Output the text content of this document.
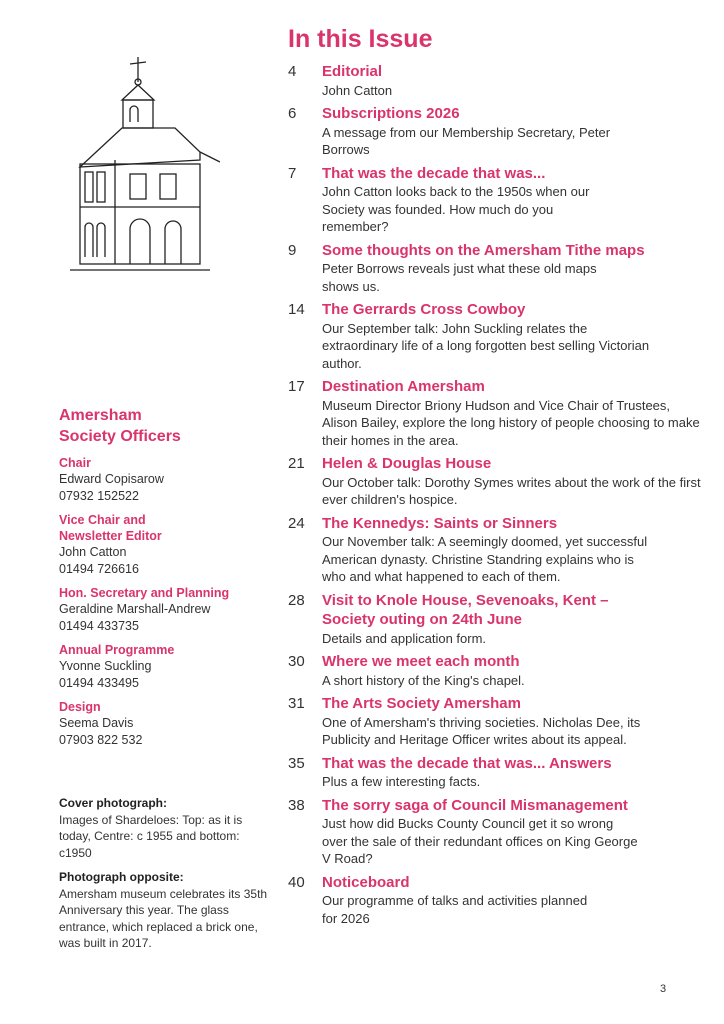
Amersham
Society Officers
Chair
Edward Copisarow
07932 152522
Vice Chair and Newsletter Editor
John Catton
01494 726616
Hon. Secretary and Planning
Geraldine Marshall-Andrew
01494 433735
Annual Programme
Yvonne Suckling
01494 433495
Design
Seema Davis
07903 822 532
Cover photograph:
Images of Shardeloes: Top: as it is today, Centre: c 1955 and bottom: c1950
Photograph opposite:
Amersham museum celebrates its 35th Anniversary this year. The glass entrance, which replaced a brick one, was built in 2017.
In this Issue
4	Editorial
John Catton
6	Subscriptions 2026
A message from our Membership Secretary, Peter Borrows
7	That was the decade that was...
John Catton looks back to the 1950s when our Society was founded. How much do you remember?
9	Some thoughts on the Amersham Tithe maps
Peter Borrows reveals just what these old maps shows us.
14	The Gerrards Cross Cowboy
Our September talk: John Suckling relates the extraordinary life of a long forgotten best selling Victorian author.
17	Destination Amersham
Museum Director Briony Hudson and Vice Chair of Trustees, Alison Bailey, explore the long history of people choosing to make their homes in the area.
21	Helen & Douglas House
Our October talk: Dorothy Symes writes about the work of the first ever children's hospice.
24	The Kennedys: Saints or Sinners
Our November talk: A seemingly doomed, yet successful American dynasty. Christine Standring explains who is who and what happened to each of them.
28	Visit to Knole House, Sevenoaks, Kent – Society outing on 24th June
Details and application form.
30	Where we meet each month
A short history of the King's chapel.
31	The Arts Society Amersham
One of Amersham's thriving societies. Nicholas Dee, its Publicity and Heritage Officer writes about its appeal.
35	That was the decade that was... Answers
Plus a few interesting facts.
38	The sorry saga of Council Mismanagement
Just how did Bucks County Council get it so wrong over the sale of their redundant offices on King George V Road?
40	Noticeboard
Our programme of talks and activities planned for 2026
3
